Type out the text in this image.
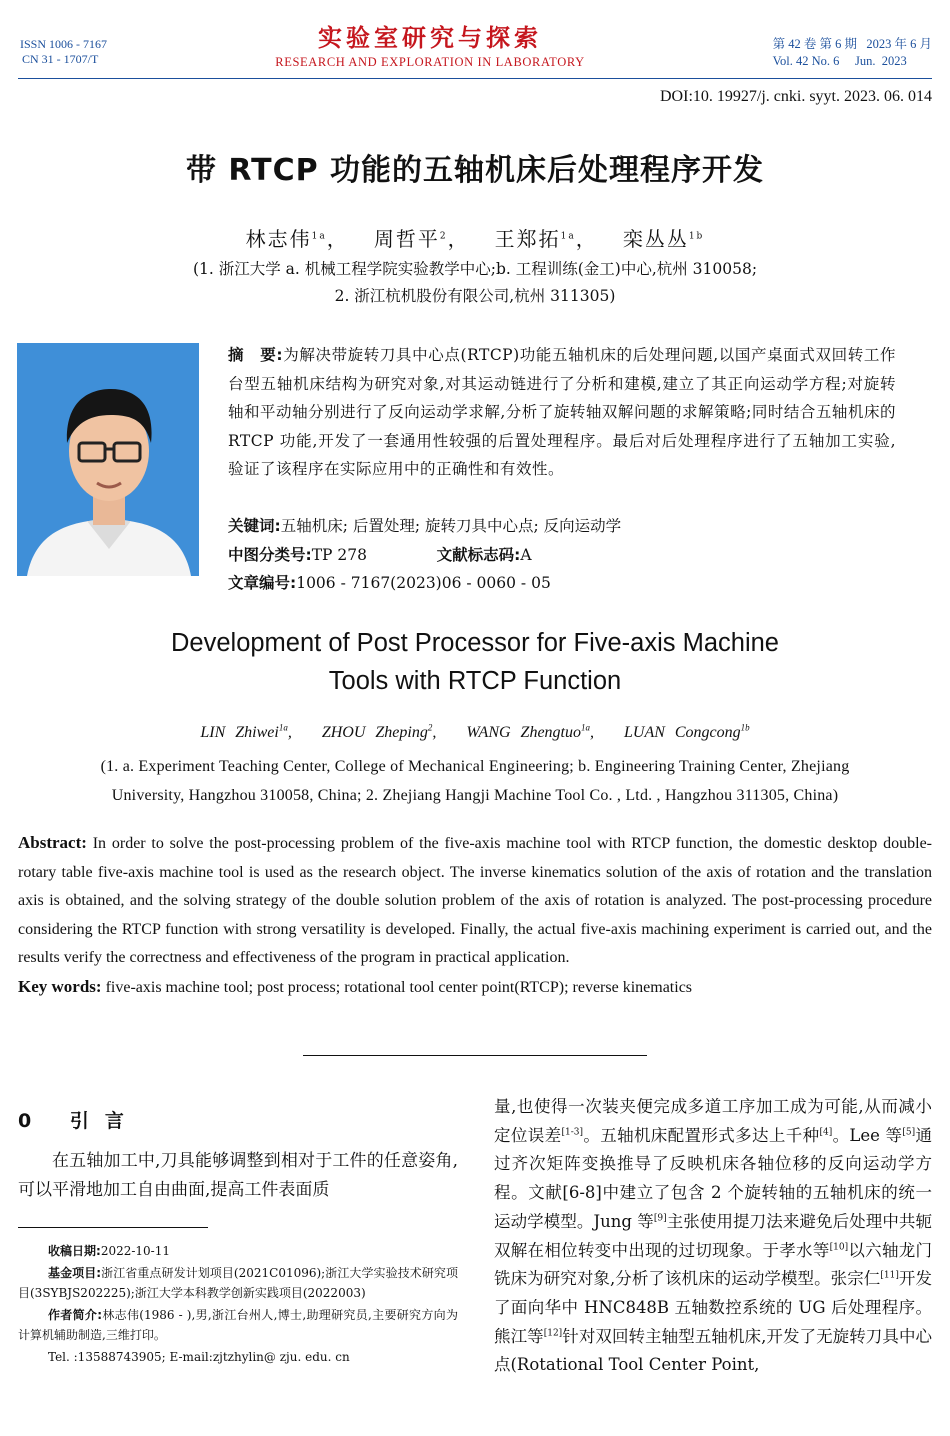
ISSN 1006 - 7167
CN 31 - 1707/T
实验室研究与探索
RESEARCH AND EXPLORATION IN LABORATORY
第 42 卷 第 6 期   2023 年 6 月
Vol. 42 No. 6     Jun.  2023
DOI:10. 19927/j. cnki. syyt. 2023. 06. 014
带 RTCP 功能的五轴机床后处理程序开发
林志伟$^{1a}$，   周哲平$^2$，   王郑拓$^{1a}$，   栾丛丛$^{1b}$
(1. 浙江大学 a. 机械工程学院实验教学中心;b. 工程训练(金工)中心,杭州 310058;
2. 浙江杭机股份有限公司,杭州 311305)
摘　要:为解决带旋转刀具中心点(RTCP)功能五轴机床的后处理问题,以国产桌面式双回转工作台型五轴机床结构为研究对象,对其运动链进行了分析和建模,建立了其正向运动学方程;对旋转轴和平动轴分别进行了反向运动学求解,分析了旋转轴双解问题的求解策略;同时结合五轴机床的 RTCP 功能,开发了一套通用性较强的后置处理程序。最后对后处理程序进行了五轴加工实验,验证了该程序在实际应用中的正确性和有效性。
关键词:五轴机床; 后置处理; 旋转刀具中心点; 反向运动学
中图分类号:TP 278	文献标志码:A
文章编号:1006 - 7167(2023)06 - 0060 - 05
Development of Post Processor for Five-axis Machine
Tools with RTCP Function
LIN Zhiwei$^{1a}$,   ZHOU Zheping$^2$,   WANG Zhengtuo$^{1a}$,   LUAN Congcong$^{1b}$
(1. a. Experiment Teaching Center, College of Mechanical Engineering; b. Engineering Training Center, Zhejiang
University, Hangzhou 310058, China; 2. Zhejiang Hangji Machine Tool Co. , Ltd. , Hangzhou 311305, China)
Abstract: In order to solve the post-processing problem of the five-axis machine tool with RTCP function, the domestic desktop double-rotary table five-axis machine tool is used as the research object. The inverse kinematics solution of the axis of rotation and the translation axis is obtained, and the solving strategy of the double solution problem of the axis of rotation is analyzed. The post-processing procedure considering the RTCP function with strong versatility is developed. Finally, the actual five-axis machining experiment is carried out, and the results verify the correctness and effectiveness of the program in practical application.
Key words: five-axis machine tool; post process; rotational tool center point(RTCP); reverse kinematics
0 引言
在五轴加工中,刀具能够调整到相对于工件的任意姿角,可以平滑地加工自由曲面,提高工件表面质

收稿日期:2022-10-11

基金项目:浙江省重点研发计划项目(2021C01096);浙江大学实验技术研究项目(3SYBJS202225);浙江大学本科教学创新实践项目(2022003)

作者简介:林志伟(1986 - ),男,浙江台州人,博士,助理研究员,主要研究方向为计算机辅助制造,三维打印。

Tel. :13588743905; E-mail:zjtzhylin@ zju. edu. cn

量,也使得一次装夹便完成多道工序加工成为可能,从而减小定位误差[1-3]。五轴机床配置形式多达上千种[4]。Lee 等[5]通过齐次矩阵变换推导了反映机床各轴位移的反向运动学方程。文献[6-8]中建立了包含 2 个旋转轴的五轴机床的统一运动学模型。Jung 等[9]主张使用提刀法来避免后处理中共轭双解在相位转变中出现的过切现象。于孝水等[10]以六轴龙门铣床为研究对象,分析了该机床的运动学模型。张宗仁[11]开发了面向华中 HNC848B 五轴数控系统的 UG 后处理程序。熊江等[12]针对双回转主轴型五轴机床,开发了无旋转刀具中心点(Rotational Tool Center Point,
